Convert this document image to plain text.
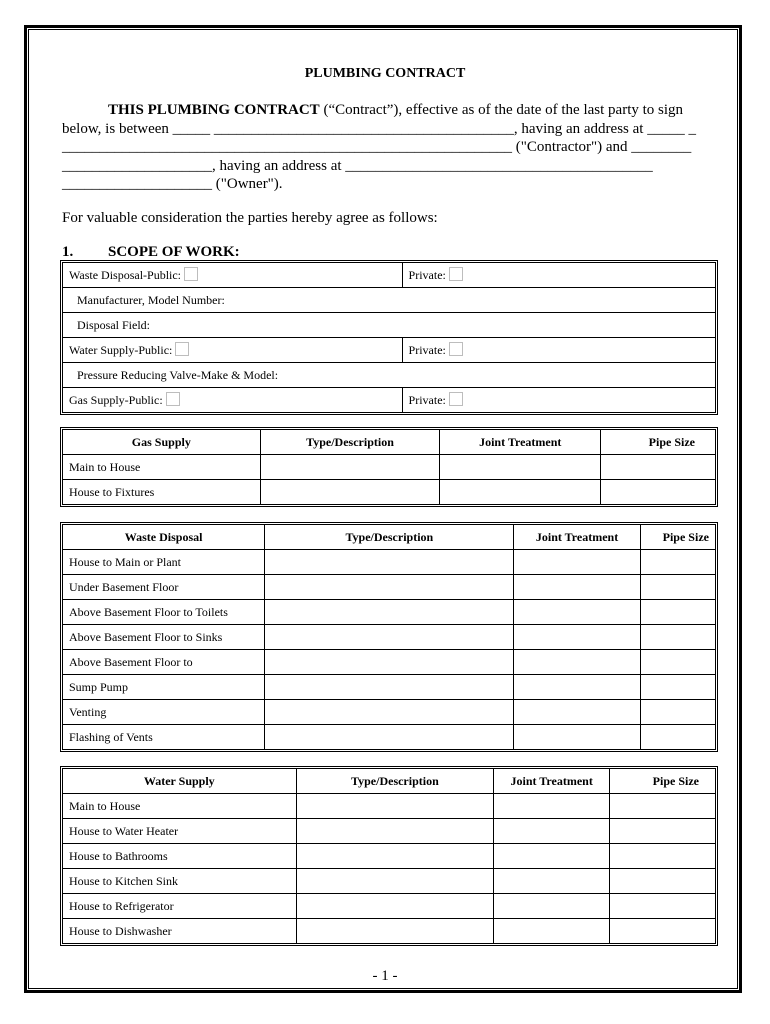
PLUMBING CONTRACT

THIS PLUMBING CONTRACT (“Contract”), effective as of the date of the last party to sign
below, is between _____ ________________________________________, having an address at _____ _
____________________________________________________________ ("Contractor") and ________
____________________, having an address at _________________________________________
____________________ ("Owner").

For valuable consideration the parties hereby agree as follows:

1. SCOPE OF WORK:
Waste Disposal-Public:	Private:
Manufacturer, Model Number:	
Disposal Field:	
Water Supply-Public:	Private:
Pressure Reducing Valve-Make & Model:	
Gas Supply-Public:	Private:
Gas Supply	Type/Description	Joint Treatment	Pipe Size
Main to House			
House to Fixtures			
Waste Disposal	Type/Description	Joint Treatment	Pipe Size
House to Main or Plant			
Under Basement Floor			
Above Basement Floor to Toilets			
Above Basement Floor to Sinks			
Above Basement Floor to			
Sump Pump			
Venting			
Flashing of Vents			
Water Supply	Type/Description	Joint Treatment	Pipe Size
Main to House			
House to Water Heater			
House to Bathrooms			
House to Kitchen Sink			
House to Refrigerator			
House to Dishwasher			
- 1 -
